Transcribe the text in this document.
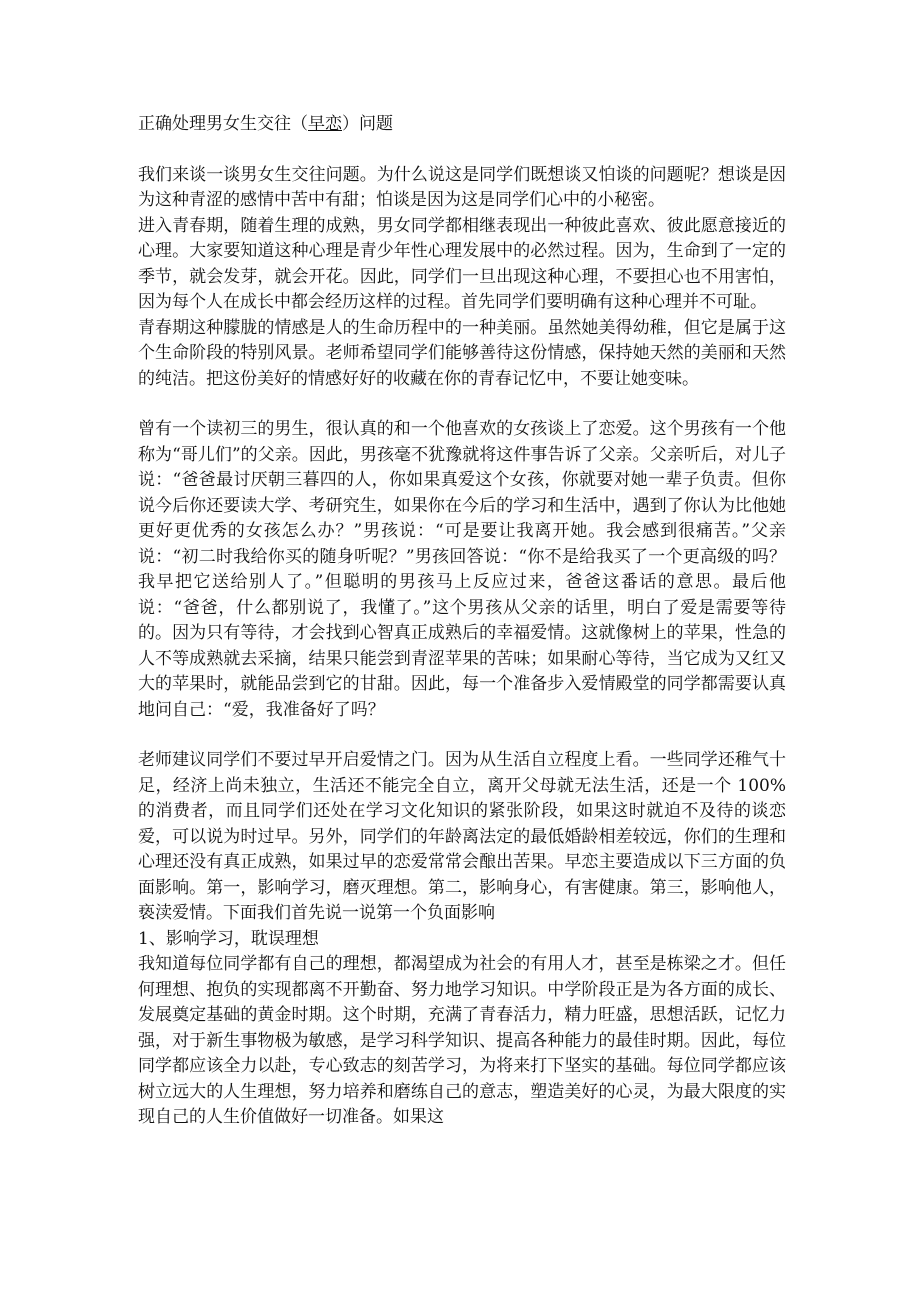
正确处理男女生交往（早恋）问题

我们来谈一谈男女生交往问题。为什么说这是同学们既想谈又怕谈的问题呢？想谈是因为这种青涩的感情中苦中有甜；怕谈是因为这是同学们心中的小秘密。

进入青春期，随着生理的成熟，男女同学都相继表现出一种彼此喜欢、彼此愿意接近的心理。大家要知道这种心理是青少年性心理发展中的必然过程。因为，生命到了一定的季节，就会发芽，就会开花。因此，同学们一旦出现这种心理，不要担心也不用害怕，因为每个人在成长中都会经历这样的过程。首先同学们要明确有这种心理并不可耻。

青春期这种朦胧的情感是人的生命历程中的一种美丽。虽然她美得幼稚，但它是属于这个生命阶段的特别风景。老师希望同学们能够善待这份情感，保持她天然的美丽和天然的纯洁。把这份美好的情感好好的收藏在你的青春记忆中，不要让她变味。

曾有一个读初三的男生，很认真的和一个他喜欢的女孩谈上了恋爱。这个男孩有一个他称为“哥儿们”的父亲。因此，男孩毫不犹豫就将这件事告诉了父亲。父亲听后，对儿子说：“爸爸最讨厌朝三暮四的人，你如果真爱这个女孩，你就要对她一辈子负责。但你说今后你还要读大学、考研究生，如果你在今后的学习和生活中，遇到了你认为比他她更好更优秀的女孩怎么办？”男孩说：“可是要让我离开她。我会感到很痛苦。”父亲说：“初二时我给你买的随身听呢？”男孩回答说：“你不是给我买了一个更高级的吗？我早把它送给别人了。”但聪明的男孩马上反应过来，爸爸这番话的意思。最后他说：“爸爸，什么都别说了，我懂了。”这个男孩从父亲的话里，明白了爱是需要等待的。因为只有等待，才会找到心智真正成熟后的幸福爱情。这就像树上的苹果，性急的人不等成熟就去采摘，结果只能尝到青涩苹果的苦味；如果耐心等待，当它成为又红又大的苹果时，就能品尝到它的甘甜。因此，每一个准备步入爱情殿堂的同学都需要认真地问自己：“爱，我准备好了吗？

老师建议同学们不要过早开启爱情之门。因为从生活自立程度上看。一些同学还稚气十足，经济上尚未独立，生活还不能完全自立，离开父母就无法生活，还是一个 100%的消费者，而且同学们还处在学习文化知识的紧张阶段，如果这时就迫不及待的谈恋爱，可以说为时过早。另外，同学们的年龄离法定的最低婚龄相差较远，你们的生理和心理还没有真正成熟，如果过早的恋爱常常会酿出苦果。早恋主要造成以下三方面的负面影响。第一，影响学习，磨灭理想。第二，影响身心，有害健康。第三，影响他人，亵渎爱情。下面我们首先说一说第一个负面影响

1、影响学习，耽误理想

我知道每位同学都有自己的理想，都渴望成为社会的有用人才，甚至是栋梁之才。但任何理想、抱负的实现都离不开勤奋、努力地学习知识。中学阶段正是为各方面的成长、发展奠定基础的黄金时期。这个时期，充满了青春活力，精力旺盛，思想活跃，记忆力强，对于新生事物极为敏感，是学习科学知识、提高各种能力的最佳时期。因此，每位同学都应该全力以赴，专心致志的刻苦学习，为将来打下坚实的基础。每位同学都应该树立远大的人生理想，努力培养和磨练自己的意志，塑造美好的心灵，为最大限度的实现自己的人生价值做好一切准备。如果这
